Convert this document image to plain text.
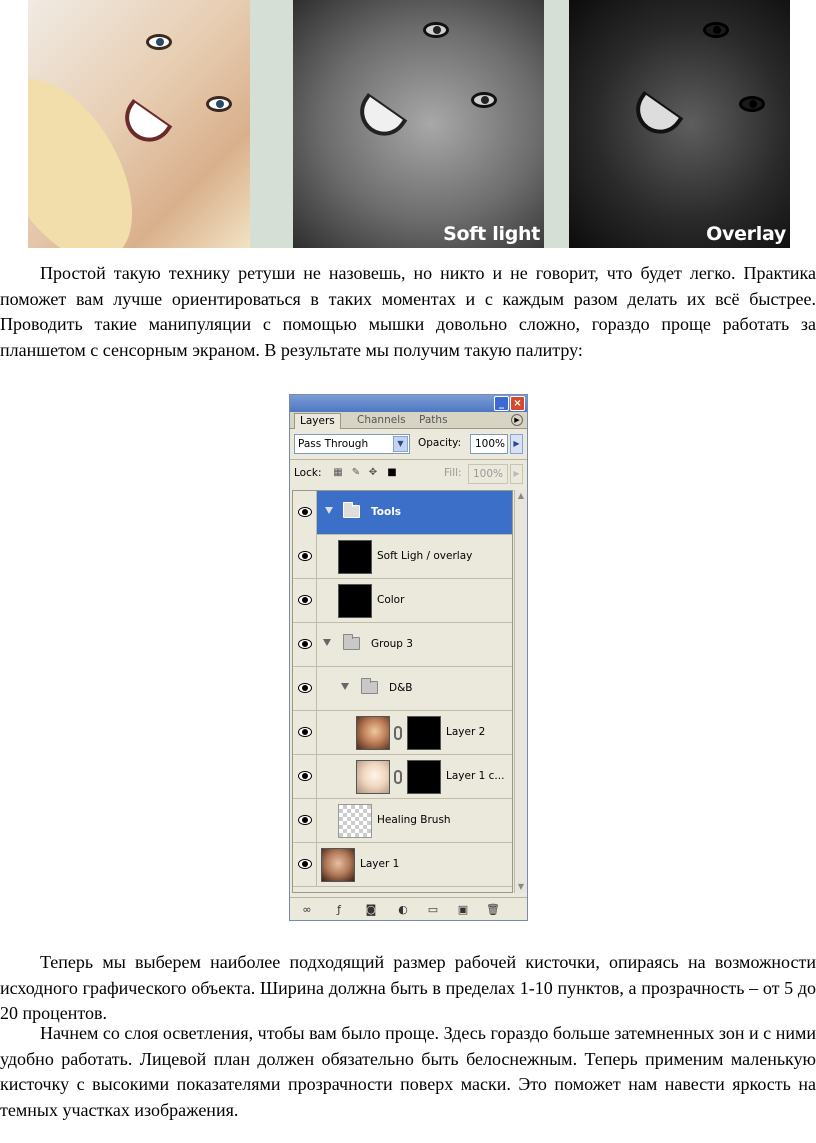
Soft light	Overlay

Простой такую технику ретуши не назовешь, но никто и не говорит, что будет легко. Практика поможет вам лучше ориентироваться в таких моментах и с каждым разом делать их всё быстрее. Проводить такие манипуляции с помощью мышки довольно сложно, гораздо проще работать за планшетом с сенсорным экраном. В результате мы получим такую палитру:

_ ×
Layers	Channels	Paths	▶
Pass Through	▼	Opacity:	100%	▶
Lock: ▦ ✎ ✥ ■	Fill:	100%	▶
Tools
Soft Ligh / overlay
Color
Group 3
D&B
Layer 2
Layer 1 c...
Healing Brush
Layer 1
▲
▼
∞	ƒ	◙ ◐ ▭ ▣ 🗑

Теперь мы выберем наиболее подходящий размер рабочей кисточки, опираясь на возможности исходного графического объекта. Ширина должна быть в пределах 1-10 пунктов, а прозрачность – от 5 до 20 процентов.

Начнем со слоя осветления, чтобы вам было проще. Здесь гораздо больше затемненных зон и с ними удобно работать. Лицевой план должен обязательно быть белоснежным. Теперь применим маленькую кисточку с высокими показателями прозрачности поверх маски. Это поможет нам навести яркость на темных участках изображения.
